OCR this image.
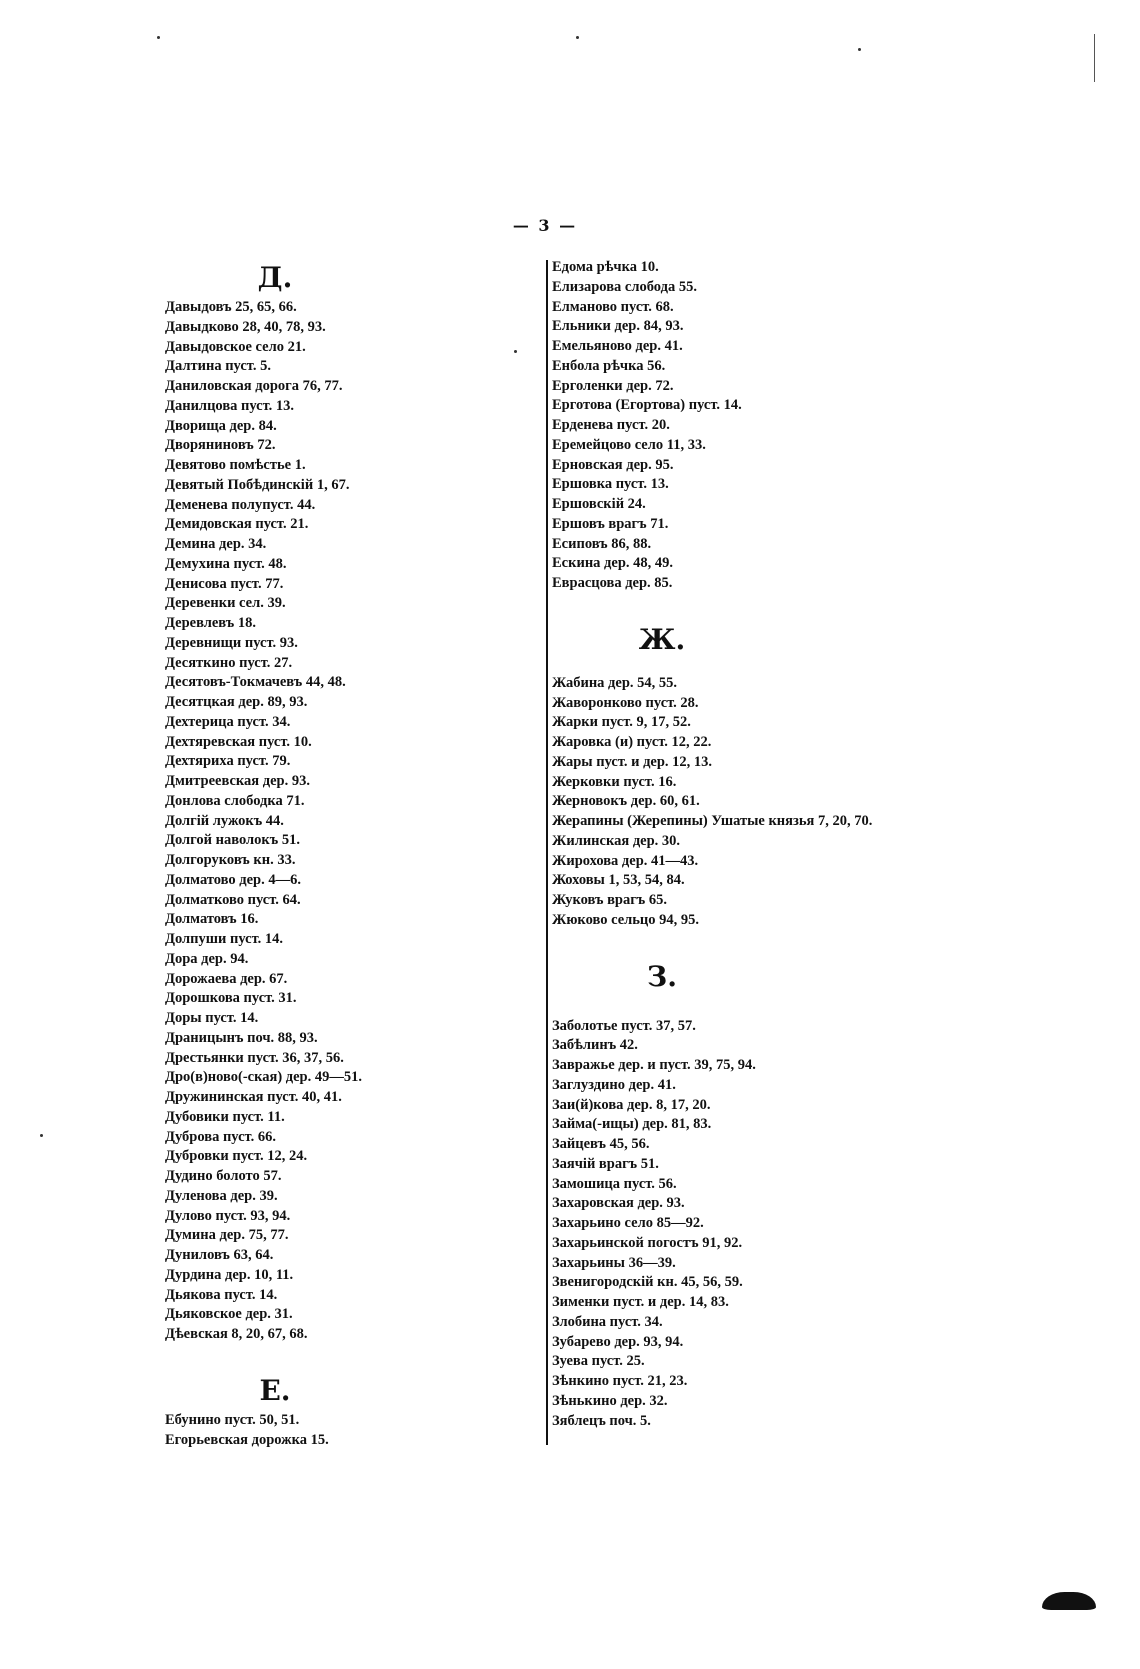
— 3 —
Д.
Давыдовъ 25, 65, 66.
Давыдково 28, 40, 78, 93.
Давыдовское село 21.
Далтина пуст. 5.
Даниловская дорога 76, 77.
Данилцова пуст. 13.
Дворища дер. 84.
Дворяниновъ 72.
Девятово помѣстье 1.
Девятый Побѣдинскій 1, 67.
Деменева полупуст. 44.
Демидовская пуст. 21.
Демина дер. 34.
Демухина пуст. 48.
Денисова пуст. 77.
Деревенки сел. 39.
Деревлевъ 18.
Деревнищи пуст. 93.
Десяткино пуст. 27.
Десятовъ-Токмачевъ 44, 48.
Десятцкая дер. 89, 93.
Дехтерица пуст. 34.
Дехтяревская пуст. 10.
Дехтяриха пуст. 79.
Дмитреевская дер. 93.
Донлова слободка 71.
Долгій лужокъ 44.
Долгой наволокъ 51.
Долгоруковъ кн. 33.
Долматово дер. 4—6.
Долматково пуст. 64.
Долматовъ 16.
Долпуши пуст. 14.
Дора дер. 94.
Дорожаева дер. 67.
Дорошкова пуст. 31.
Доры пуст. 14.
Драницынъ поч. 88, 93.
Дрестьянки пуст. 36, 37, 56.
Дро(в)ново(-ская) дер. 49—51.
Дружининская пуст. 40, 41.
Дубовики пуст. 11.
Дуброва пуст. 66.
Дубровки пуст. 12, 24.
Дудино болото 57.
Дуленова дер. 39.
Дулово пуст. 93, 94.
Думина дер. 75, 77.
Дуниловъ 63, 64.
Дурдина дер. 10, 11.
Дьякова пуст. 14.
Дьяковское дер. 31.
Дѣевская 8, 20, 67, 68.
Е.
Ебунино пуст. 50, 51.
Егорьевская дорожка 15.
Едома рѣчка 10.
Елизарова слобода 55.
Елманово пуст. 68.
Ельники дер. 84, 93.
Емельяново дер. 41.
Енбола рѣчка 56.
Ерголенки дер. 72.
Ерготова (Егортова) пуст. 14.
Ерденева пуст. 20.
Еремейцово село 11, 33.
Ерновская дер. 95.
Ершовка пуст. 13.
Ершовскій 24.
Ершовъ врагъ 71.
Есиповъ 86, 88.
Ескина дер. 48, 49.
Еврасцова дер. 85.
Ж.
Жабина дер. 54, 55.
Жаворонково пуст. 28.
Жарки пуст. 9, 17, 52.
Жаровка (и) пуст. 12, 22.
Жары пуст. и дер. 12, 13.
Жерковки пуст. 16.
Жерновокъ дер. 60, 61.
Жерапины (Жерепины) Ушатые князья 7, 20, 70.
Жилинская дер. 30.
Жирохова дер. 41—43.
Жоховы 1, 53, 54, 84.
Жуковъ врагъ 65.
Жюково сельцо 94, 95.
З.
Заболотье пуст. 37, 57.
Забѣлинъ 42.
Завражье дер. и пуст. 39, 75, 94.
Заглуздино дер. 41.
Заи(й)кова дер. 8, 17, 20.
Займа(-ищы) дер. 81, 83.
Зайцевъ 45, 56.
Заячій врагъ 51.
Замошица пуст. 56.
Захаровская дер. 93.
Захарьино село 85—92.
Захарьинской погостъ 91, 92.
Захарьины 36—39.
Звенигородскій кн. 45, 56, 59.
Зименки пуст. и дер. 14, 83.
Злобина пуст. 34.
Зубарево дер. 93, 94.
Зуева пуст. 25.
Зѣнкино пуст. 21, 23.
Зѣнькино дер. 32.
Зяблецъ поч. 5.
